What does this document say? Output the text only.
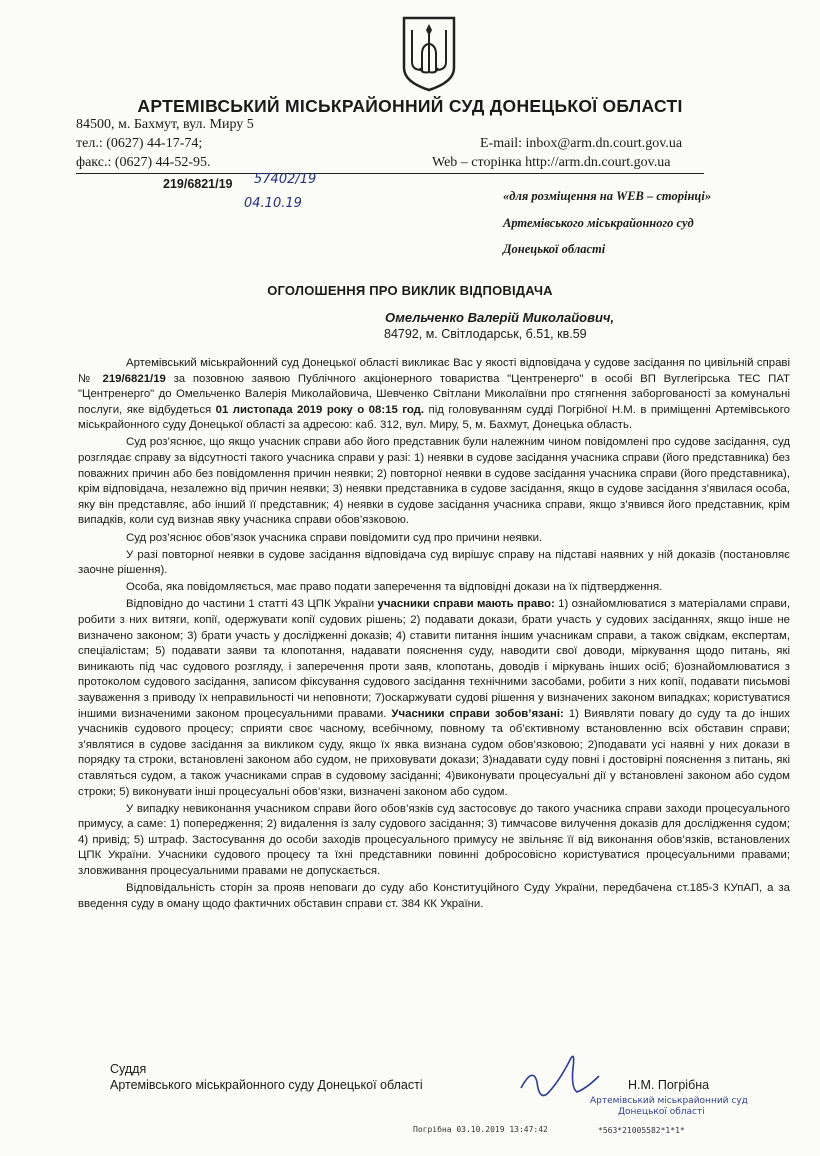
АРТЕМІВСЬКИЙ МІСЬКРАЙОННИЙ СУД ДОНЕЦЬКОЇ ОБЛАСТІ
84500, м. Бахмут, вул. Миру 5
тел.: (0627) 44-17-74;
факс.: (0627) 44-52-95.
E-mail: inbox@arm.dn.court.gov.ua
Web – сторінка http://arm.dn.court.gov.ua
219/6821/19 57402/19
04.10.19	«для розміщення на WEB – сторінці»
Артемівського міськрайонного суд
Донецької області
ОГОЛОШЕННЯ ПРО ВИКЛИК ВІДПОВІДАЧА
Омельченко Валерій Миколайович,
84792, м. Світлодарськ, б.51, кв.59

Артемівський міськрайонний суд Донецької області викликає Вас у якості відповідача у судове засідання по цивільній справі № 219/6821/19 за позовною заявою Публічного акціонерного товариства "Центренерго" в особі ВП Вуглегірська ТЕС ПАТ "Центренерго" до Омельченко Валерія Миколайовича, Шевченко Світлани Миколаївни про стягнення заборгованості за комунальні послуги, яке відбудеться 01 листопада 2019 року о 08:15 год. під головуванням судді Погрібної Н.М. в приміщенні Артемівського міськрайонного суду Донецької області за адресою: каб. 312, вул. Миру, 5, м. Бахмут, Донецька область.

Суд роз’яснює, що якщо учасник справи або його представник були належним чином повідомлені про судове засідання, суд розглядає справу за відсутності такого учасника справи у разі: 1) неявки в судове засідання учасника справи (його представника) без поважних причин або без повідомлення причин неявки; 2) повторної неявки в судове засідання учасника справи (його представника), крім відповідача, незалежно від причин неявки; 3) неявки представника в судове засідання, якщо в судове засідання з’явилася особа, яку він представляє, або інший її представник; 4) неявки в судове засідання учасника справи, якщо з’явився його представник, крім випадків, коли суд визнав явку учасника справи обов’язковою.

Суд роз’яснює обов’язок учасника справи повідомити суд про причини неявки.

У разі повторної неявки в судове засідання відповідача суд вирішує справу на підставі наявних у ній доказів (постановляє заочне рішення).

Особа, яка повідомляється, має право подати заперечення та відповідні докази на їх підтвердження.

Відповідно до частини 1 статті 43 ЦПК України учасники справи мають право: 1) ознайомлюватися з матеріалами справи, робити з них витяги, копії, одержувати копії судових рішень; 2) подавати докази, брати участь у судових засіданнях, якщо інше не визначено законом; 3) брати участь у дослідженні доказів; 4) ставити питання іншим учасникам справи, а також свідкам, експертам, спеціалістам; 5) подавати заяви та клопотання, надавати пояснення суду, наводити свої доводи, міркування щодо питань, які виникають під час судового розгляду, і заперечення проти заяв, клопотань, доводів і міркувань інших осіб; 6)ознайомлюватися з протоколом судового засідання, записом фіксування судового засідання технічними засобами, робити з них копії, подавати письмові зауваження з приводу їх неправильності чи неповноти; 7)оскаржувати судові рішення у визначених законом випадках; користуватися іншими визначеними законом процесуальними правами. Учасники справи зобов’язані: 1) Виявляти повагу до суду та до інших учасників судового процесу; сприяти своє часному, всебічному, повному та об’єктивному встановленню всіх обставин справи; з’являтися в судове засідання за викликом суду, якщо їх явка визнана судом обов’язковою; 2)подавати усі наявні у них докази в порядку та строки, встановлені законом або судом, не приховувати докази; 3)надавати суду повні і достовірні пояснення з питань, які ставляться судом, а також учасниками справ в судовому засіданні; 4)виконувати процесуальні дії у встановлені законом або судом строки; 5) виконувати інші процесуальні обов’язки, визначені законом або судом.

У випадку невиконання учасником справи його обов’язків суд застосовує до такого учасника справи заходи процесуального примусу, а саме: 1) попередження; 2) видалення із залу судового засідання; 3) тимчасове вилучення доказів для дослідження судом; 4) привід; 5) штраф. Застосування до особи заходів процесуального примусу не звільняє її від виконання обов’язків, встановлених ЦПК України. Учасники судового процесу та їхні представники повинні добросовісно користуватися процесуальними правами; зловживання процесуальними правами не допускається.

Відповідальність сторін за прояв неповаги до суду або Конституційного Суду України, передбачена ст.185-3 КУпАП, а за введення суду в оману щодо фактичних обставин справи ст. 384 КК України.

Суддя
Артемівського міськрайонного суду Донецької області	Н.М. Погрібна
Артемівський міськрайонний суд
Донецької області
Погрібна 03.10.2019 13:47:42	*563*21005582*1*1*
